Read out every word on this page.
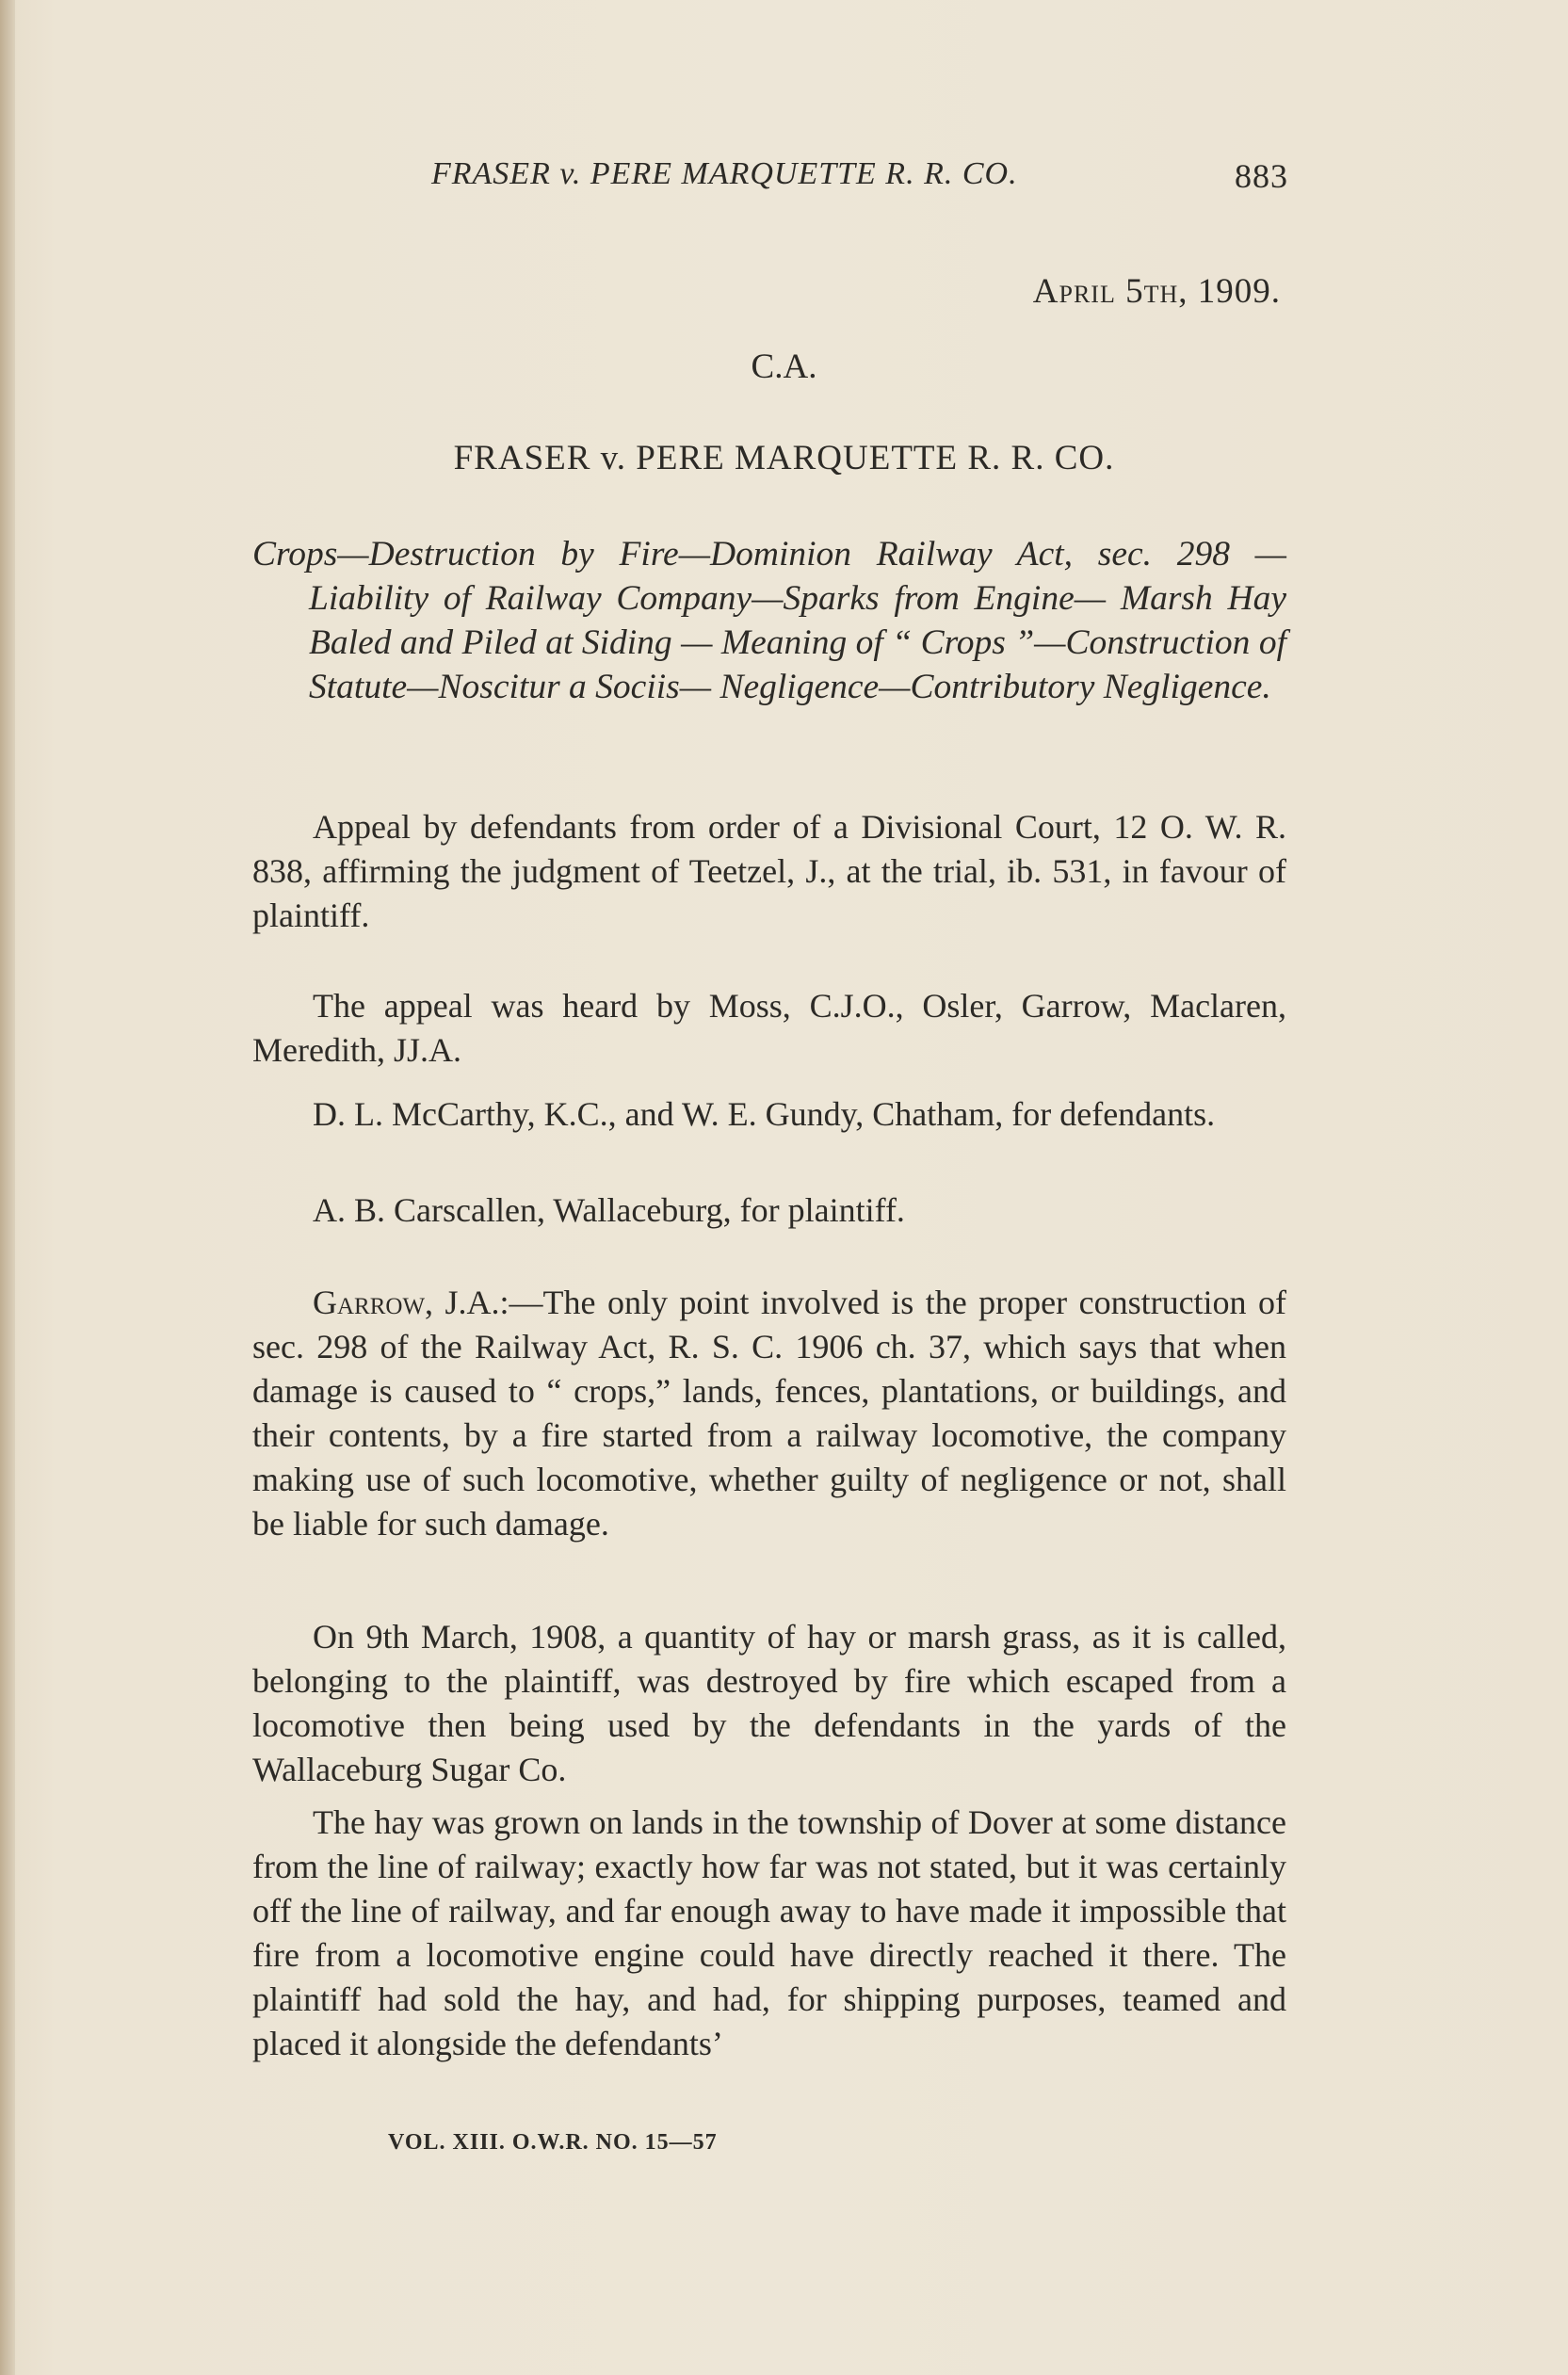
FRASER v. PERE MARQUETTE R. R. CO.	883
April 5th, 1909.
C.A.
FRASER v. PERE MARQUETTE R. R. CO.

Crops—Destruction by Fire—Dominion Railway Act, sec. 298 —Liability of Railway Company—Sparks from Engine— Marsh Hay Baled and Piled at Siding — Meaning of “ Crops ”—Construction of Statute—Noscitur a Sociis— Negligence—Contributory Negligence.

Appeal by defendants from order of a Divisional Court, 12 O. W. R. 838, affirming the judgment of Teetzel, J., at the trial, ib. 531, in favour of plaintiff.

The appeal was heard by Moss, C.J.O., Osler, Garrow, Maclaren, Meredith, JJ.A.

D. L. McCarthy, K.C., and W. E. Gundy, Chatham, for defendants.

A. B. Carscallen, Wallaceburg, for plaintiff.

Garrow, J.A.:—The only point involved is the proper construction of sec. 298 of the Railway Act, R. S. C. 1906 ch. 37, which says that when damage is caused to “ crops,” lands, fences, plantations, or buildings, and their contents, by a fire started from a railway locomotive, the company making use of such locomotive, whether guilty of negligence or not, shall be liable for such damage.

On 9th March, 1908, a quantity of hay or marsh grass, as it is called, belonging to the plaintiff, was destroyed by fire which escaped from a locomotive then being used by the defendants in the yards of the Wallaceburg Sugar Co.

The hay was grown on lands in the township of Dover at some distance from the line of railway; exactly how far was not stated, but it was certainly off the line of railway, and far enough away to have made it impossible that fire from a locomotive engine could have directly reached it there. The plaintiff had sold the hay, and had, for shipping purposes, teamed and placed it alongside the defendants’

VOL. XIII. O.W.R. NO. 15—57
